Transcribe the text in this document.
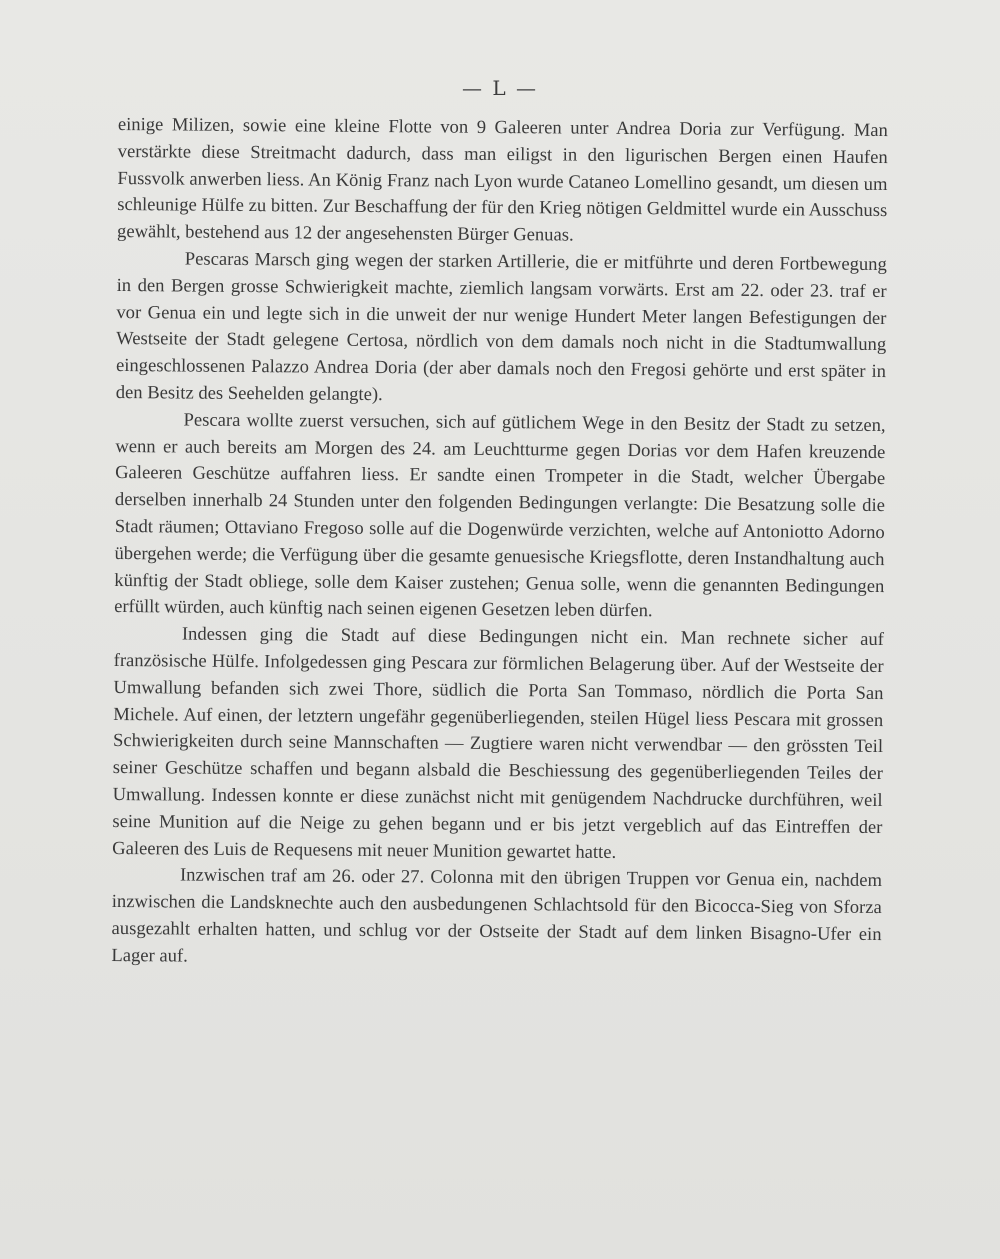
— L —

einige Milizen, sowie eine kleine Flotte von 9 Galeeren unter Andrea Doria zur Verfügung. Man verstärkte diese Streitmacht dadurch, dass man eiligst in den ligurischen Bergen einen Haufen Fussvolk anwerben liess. An König Franz nach Lyon wurde Cataneo Lomellino gesandt, um diesen um schleunige Hülfe zu bitten. Zur Beschaffung der für den Krieg nötigen Geldmittel wurde ein Ausschuss gewählt, bestehend aus 12 der angesehensten Bürger Genuas.

Pescaras Marsch ging wegen der starken Artillerie, die er mitführte und deren Fortbewegung in den Bergen grosse Schwierigkeit machte, ziemlich langsam vorwärts. Erst am 22. oder 23. traf er vor Genua ein und legte sich in die unweit der nur wenige Hundert Meter langen Befestigungen der Westseite der Stadt gelegene Certosa, nördlich von dem damals noch nicht in die Stadtumwallung eingeschlossenen Palazzo Andrea Doria (der aber damals noch den Fregosi gehörte und erst später in den Besitz des Seehelden gelangte).

Pescara wollte zuerst versuchen, sich auf gütlichem Wege in den Besitz der Stadt zu setzen, wenn er auch bereits am Morgen des 24. am Leuchtturme gegen Dorias vor dem Hafen kreuzende Galeeren Geschütze auffahren liess. Er sandte einen Trompeter in die Stadt, welcher Übergabe derselben innerhalb 24 Stunden unter den folgenden Bedingungen verlangte: Die Besatzung solle die Stadt räumen; Ottaviano Fregoso solle auf die Dogenwürde verzichten, welche auf Antoniotto Adorno übergehen werde; die Verfügung über die gesamte genuesische Kriegsflotte, deren Instandhaltung auch künftig der Stadt obliege, solle dem Kaiser zustehen; Genua solle, wenn die genannten Bedingungen erfüllt würden, auch künftig nach seinen eigenen Gesetzen leben dürfen.

Indessen ging die Stadt auf diese Bedingungen nicht ein. Man rechnete sicher auf französische Hülfe. Infolgedessen ging Pescara zur förmlichen Belagerung über. Auf der Westseite der Umwallung befanden sich zwei Thore, südlich die Porta San Tommaso, nördlich die Porta San Michele. Auf einen, der letztern ungefähr gegenüberliegenden, steilen Hügel liess Pescara mit grossen Schwierigkeiten durch seine Mannschaften — Zugtiere waren nicht verwendbar — den grössten Teil seiner Geschütze schaffen und begann alsbald die Beschiessung des gegenüberliegenden Teiles der Umwallung. Indessen konnte er diese zunächst nicht mit genügendem Nachdrucke durchführen, weil seine Munition auf die Neige zu gehen begann und er bis jetzt vergeblich auf das Eintreffen der Galeeren des Luis de Requesens mit neuer Munition gewartet hatte.

Inzwischen traf am 26. oder 27. Colonna mit den übrigen Truppen vor Genua ein, nachdem inzwischen die Landsknechte auch den ausbedungenen Schlachtsold für den Bicocca-Sieg von Sforza ausgezahlt erhalten hatten, und schlug vor der Ostseite der Stadt auf dem linken Bisagno-Ufer ein Lager auf.
